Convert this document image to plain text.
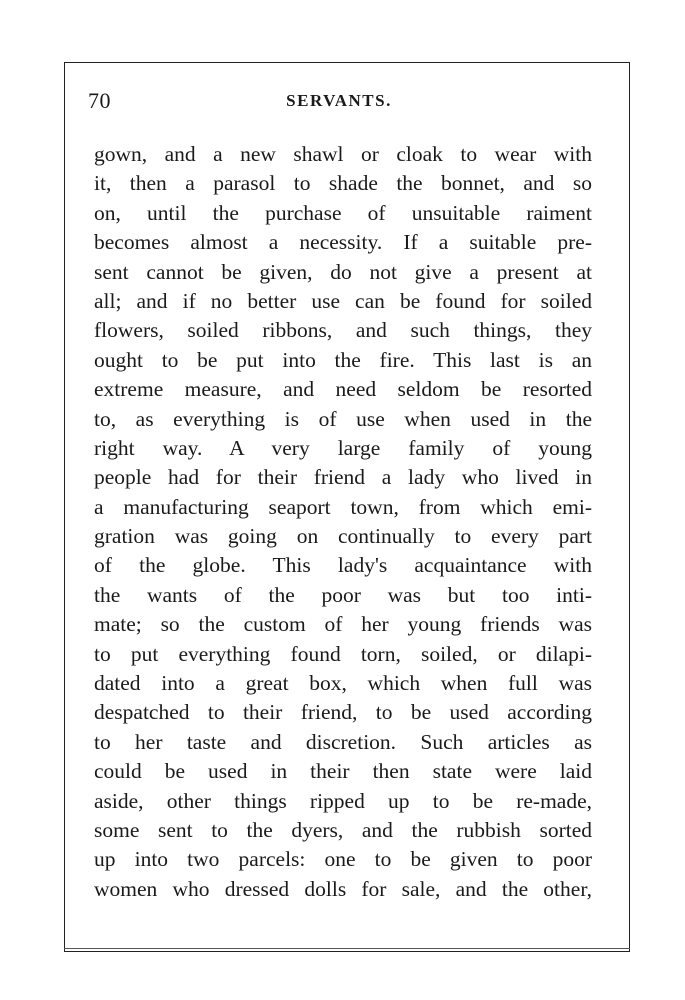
70	SERVANTS.
gown, and a new shawl or cloak to wear with
it, then a parasol to shade the bonnet, and so
on, until the purchase of unsuitable raiment
becomes almost a necessity. If a suitable pre-
sent cannot be given, do not give a present at
all; and if no better use can be found for soiled
flowers, soiled ribbons, and such things, they
ought to be put into the fire. This last is an
extreme measure, and need seldom be resorted
to, as everything is of use when used in the
right way. A very large family of young
people had for their friend a lady who lived in
a manufacturing seaport town, from which emi-
gration was going on continually to every part
of the globe. This lady's acquaintance with
the wants of the poor was but too inti-
mate; so the custom of her young friends was
to put everything found torn, soiled, or dilapi-
dated into a great box, which when full was
despatched to their friend, to be used according
to her taste and discretion. Such articles as
could be used in their then state were laid
aside, other things ripped up to be re-made,
some sent to the dyers, and the rubbish sorted
up into two parcels: one to be given to poor
women who dressed dolls for sale, and the other,
